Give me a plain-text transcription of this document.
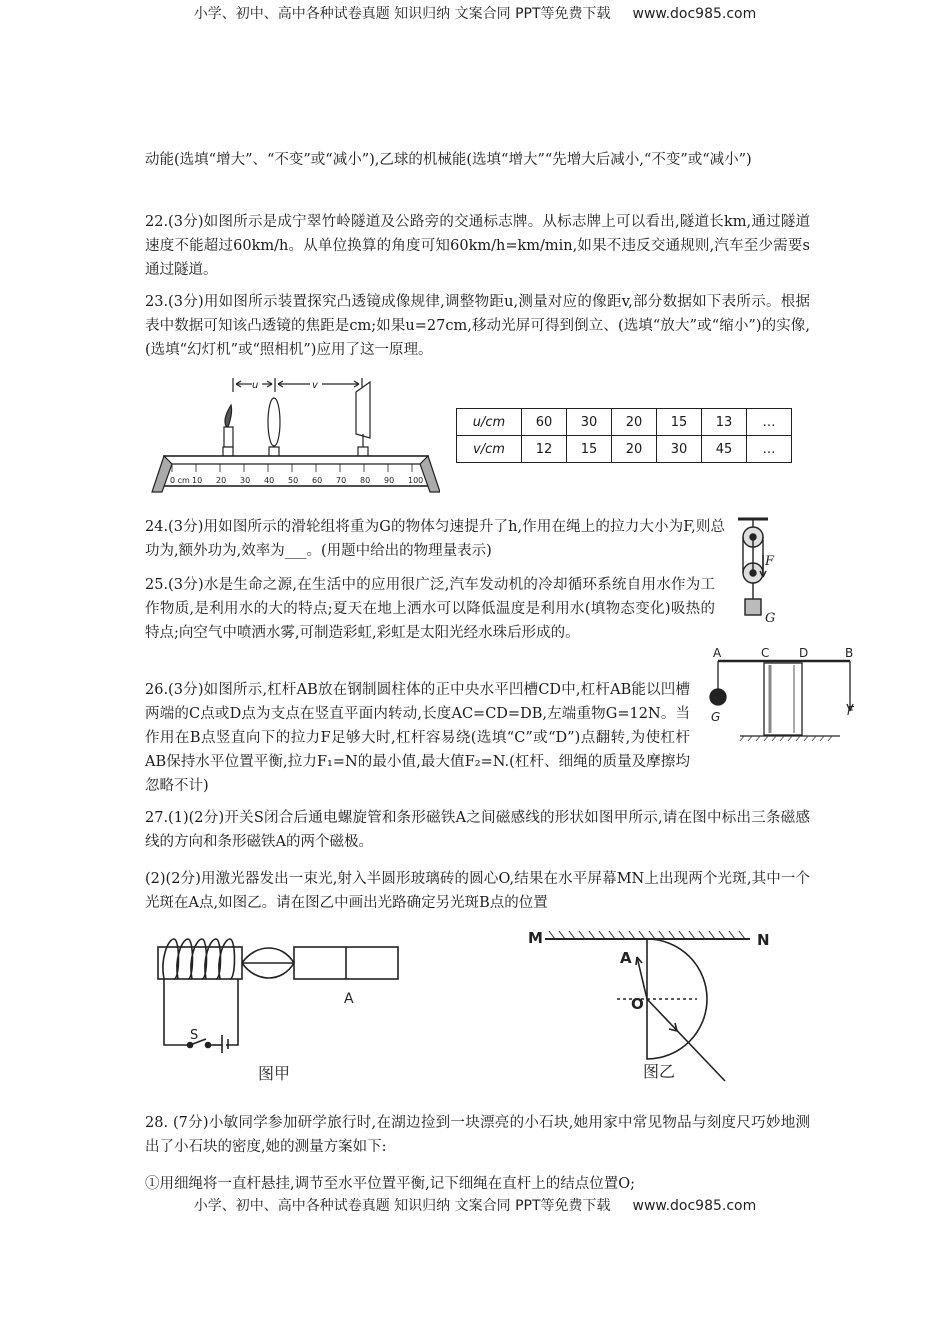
小学、初中、高中各种试卷真题 知识归纳 文案合同 PPT等免费下载 www.doc985.com

动能(选填“增大”、“不变”或“减小”),乙球的机械能(选填“增大”“先增大后减小,“不变”或“减小”)

22.(3分)如图所示是成宁翠竹岭隧道及公路旁的交通标志牌。从标志牌上可以看出,隧道长km,通过隧道速度不能超过60km/h。从单位换算的角度可知60km/h=km/min,如果不违反交通规则,汽车至少需要s通过隧道。

23.(3分)用如图所示装置探究凸透镜成像规律,调整物距u,测量对应的像距v,部分数据如下表所示。根据表中数据可知该凸透镜的焦距是cm;如果u=27cm,移动光屏可得到倒立、(选填“放大”或“缩小”)的实像,(选填“幻灯机”或“照相机”)应用了这一原理。

u	v
0 cm 10 20 30 40 50 60 70 80 90 100
u/cm	60	30	20	15	13	…
v/cm	12	15	20	30	45	…

24.(3分)用如图所示的滑轮组将重为G的物体匀速提升了h,作用在绳上的拉力大小为F,则总功为,额外功为,效率为___。(用题中给出的物理量表示)

F
G

25.(3分)水是生命之源,在生活中的应用很广泛,汽车发动机的冷却循环系统自用水作为工作物质,是利用水的大的特点;夏天在地上洒水可以降低温度是利用水(填物态变化)吸热的特点;向空气中喷洒水雾,可制造彩虹,彩虹是太阳光经水珠后形成的。

26.(3分)如图所示,杠杆AB放在钢制圆柱体的正中央水平凹槽CD中,杠杆AB能以凹槽两端的C点或D点为支点在竖直平面内转动,长度AC=CD=DB,左端重物G=12N。当作用在B点竖直向下的拉力F足够大时,杠杆容易绕(选填“C”或“D”)点翻转,为使杠杆AB保持水平位置平衡,拉力F₁=N的最小值,最大值F₂=N.(杠杆、细绳的质量及摩擦均忽略不计)

A	C D	B
G	F

27.(1)(2分)开关S闭合后通电螺旋管和条形磁铁A之间磁感线的形状如图甲所示,请在图中标出三条磁感线的方向和条形磁铁A的两个磁极。

(2)(2分)用激光器发出一束光,射入半圆形玻璃砖的圆心O,结果在水平屏幕MN上出现两个光斑,其中一个光斑在A点,如图乙。请在图乙中画出光路确定另光斑B点的位置

A
S
图甲
M	N
A
O
图乙

28. (7分)小敏同学参加研学旅行时,在湖边捡到一块漂亮的小石块,她用家中常见物品与刻度尺巧妙地测出了小石块的密度,她的测量方案如下:

①用细绳将一直杆悬挂,调节至水平位置平衡,记下细绳在直杆上的结点位置O;

小学、初中、高中各种试卷真题 知识归纳 文案合同 PPT等免费下载 www.doc985.com
